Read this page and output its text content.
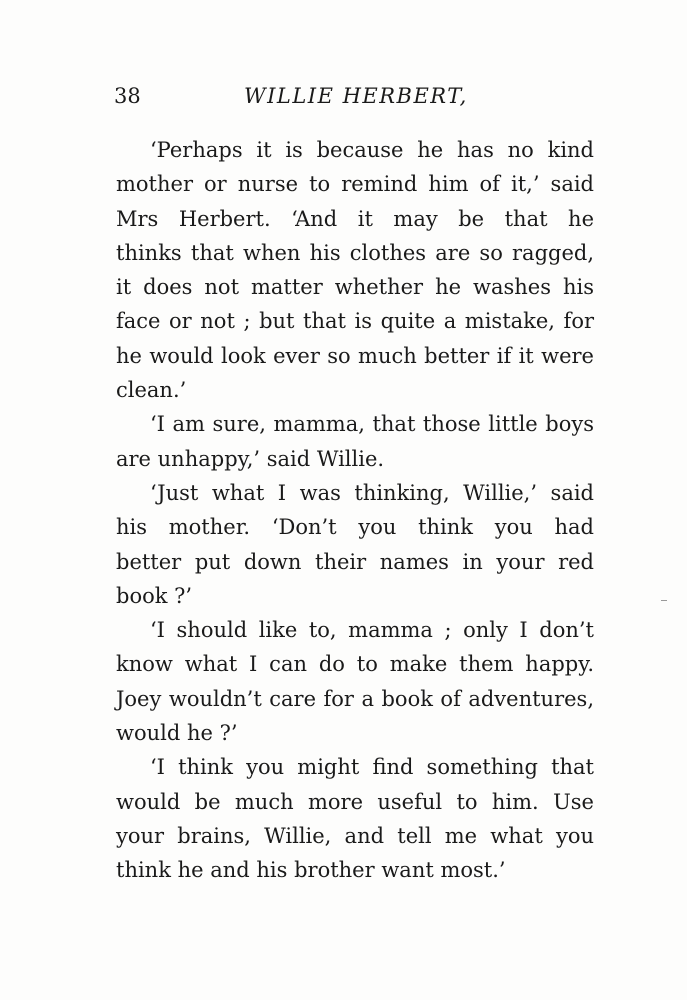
38	WILLIE HERBERT,
‘Perhaps it is because he has no kind
mother or nurse to remind him of it,’ said
Mrs Herbert. ‘And it may be that he
thinks that when his clothes are so ragged,
it does not matter whether he washes his
face or not ; but that is quite a mistake, for
he would look ever so much better if it were
clean.’
‘I am sure, mamma, that those little boys
are unhappy,’ said Willie.
‘Just what I was thinking, Willie,’ said
his mother. ‘Don’t you think you had
better put down their names in your red
book ?’
‘I should like to, mamma ; only I don’t
know what I can do to make them happy.
Joey wouldn’t care for a book of adventures,
would he ?’
‘I think you might find something that
would be much more useful to him. Use
your brains, Willie, and tell me what you
think he and his brother want most.’
